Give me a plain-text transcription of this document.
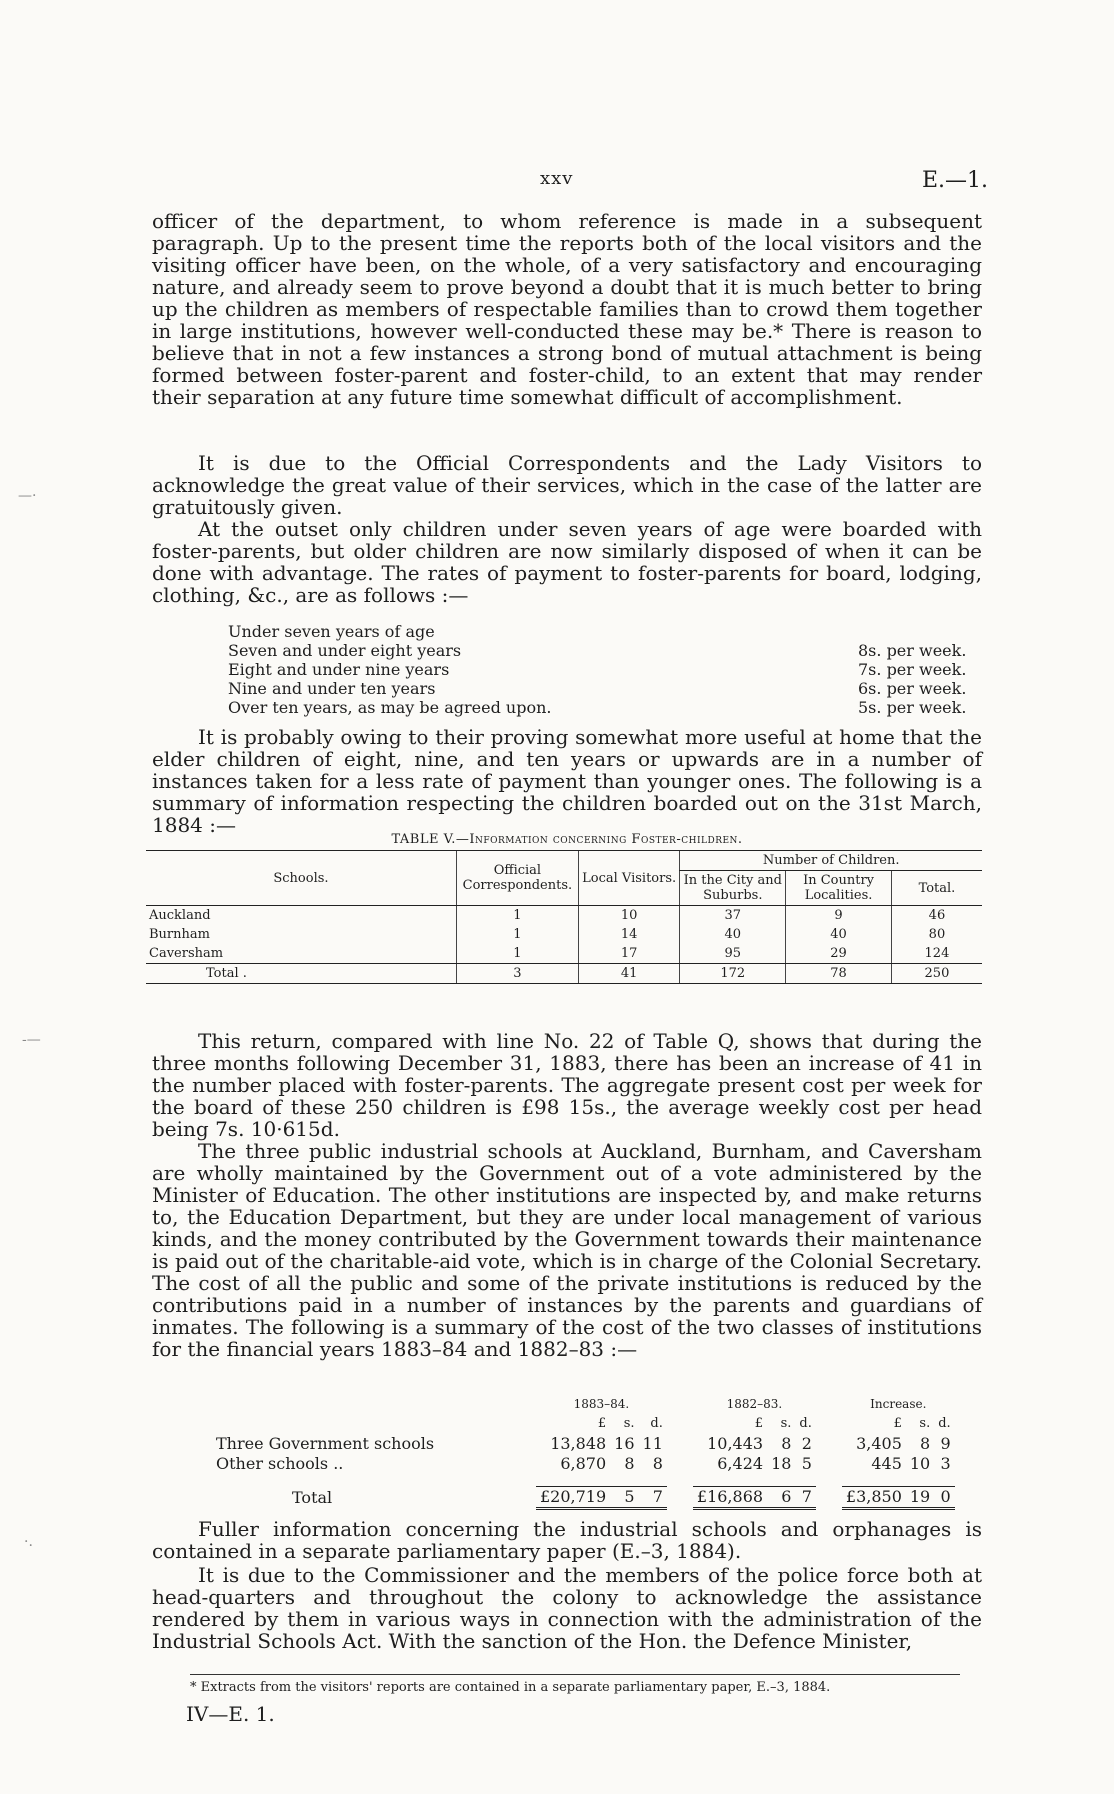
xxv	E.—1.
—·
-—
·.

officer of the department, to whom reference is made in a subsequent paragraph. Up to the present time the reports both of the local visitors and the visiting officer have been, on the whole, of a very satisfactory and encouraging nature, and already seem to prove beyond a doubt that it is much better to bring up the children as members of respectable families than to crowd them together in large institutions, however well-conducted these may be.* There is reason to believe that in not a few instances a strong bond of mutual attachment is being formed between foster-parent and foster-child, to an extent that may render their separation at any future time somewhat difficult of accomplishment.

It is due to the Official Correspondents and the Lady Visitors to acknowledge the great value of their services, which in the case of the latter are gratuitously given.

At the outset only children under seven years of age were boarded with foster-parents, but older children are now similarly disposed of when it can be done with advantage. The rates of payment to foster-parents for board, lodging, clothing, &c., are as follows :—

Under seven years of age
Seven and under eight years	8s. per week.
Eight and under nine years	7s. per week.
Nine and under ten years	6s. per week.
Over ten years, as may be agreed upon.	5s. per week.

It is probably owing to their proving somewhat more useful at home that the elder children of eight, nine, and ten years or upwards are in a number of instances taken for a less rate of payment than younger ones. The following is a summary of information respecting the children boarded out on the 31st March, 1884 :—

TABLE V.—Information concerning Foster-children.
Schools.	Official Correspondents.	Local Visitors.	Number of Children.		
			In the City and Suburbs.	In Country Localities.	Total.
Auckland	1	10	37	9	46
Burnham	1	14	40	40	80
Caversham	1	17	95	29	124
Total .	3	41	172	78	250

This return, compared with line No. 22 of Table Q, shows that during the three months following December 31, 1883, there has been an increase of 41 in the number placed with foster-parents. The aggregate present cost per week for the board of these 250 children is £98 15s., the average weekly cost per head being 7s. 10·615d.

The three public industrial schools at Auckland, Burnham, and Caversham are wholly maintained by the Government out of a vote administered by the Minister of Education. The other institutions are inspected by, and make returns to, the Education Department, but they are under local management of various kinds, and the money contributed by the Government towards their maintenance is paid out of the charitable-aid vote, which is in charge of the Colonial Secretary. The cost of all the public and some of the private institutions is reduced by the contributions paid in a number of instances by the parents and guardians of inmates. The following is a summary of the cost of the two classes of institutions for the financial years 1883–84 and 1882–83 :—

	1883–84.				1882–83.				Increase.		
	£	s.	d.		£	s.	d.		£	s.	d.
Three Government schools	13,848	16	11		10,443	8	2		3,405	8	9
Other schools ..	6,870	8	8		6,424	18	5		445	10	3

Total	£20,719	5	7		£16,868	6	7		£3,850	19	0

Fuller information concerning the industrial schools and orphanages is contained in a separate parliamentary paper (E.–3, 1884).

It is due to the Commissioner and the members of the police force both at head-quarters and throughout the colony to acknowledge the assistance rendered by them in various ways in connection with the administration of the Industrial Schools Act. With the sanction of the Hon. the Defence Minister,

* Extracts from the visitors' reports are contained in a separate parliamentary paper, E.–3, 1884.
IV—E. 1.
